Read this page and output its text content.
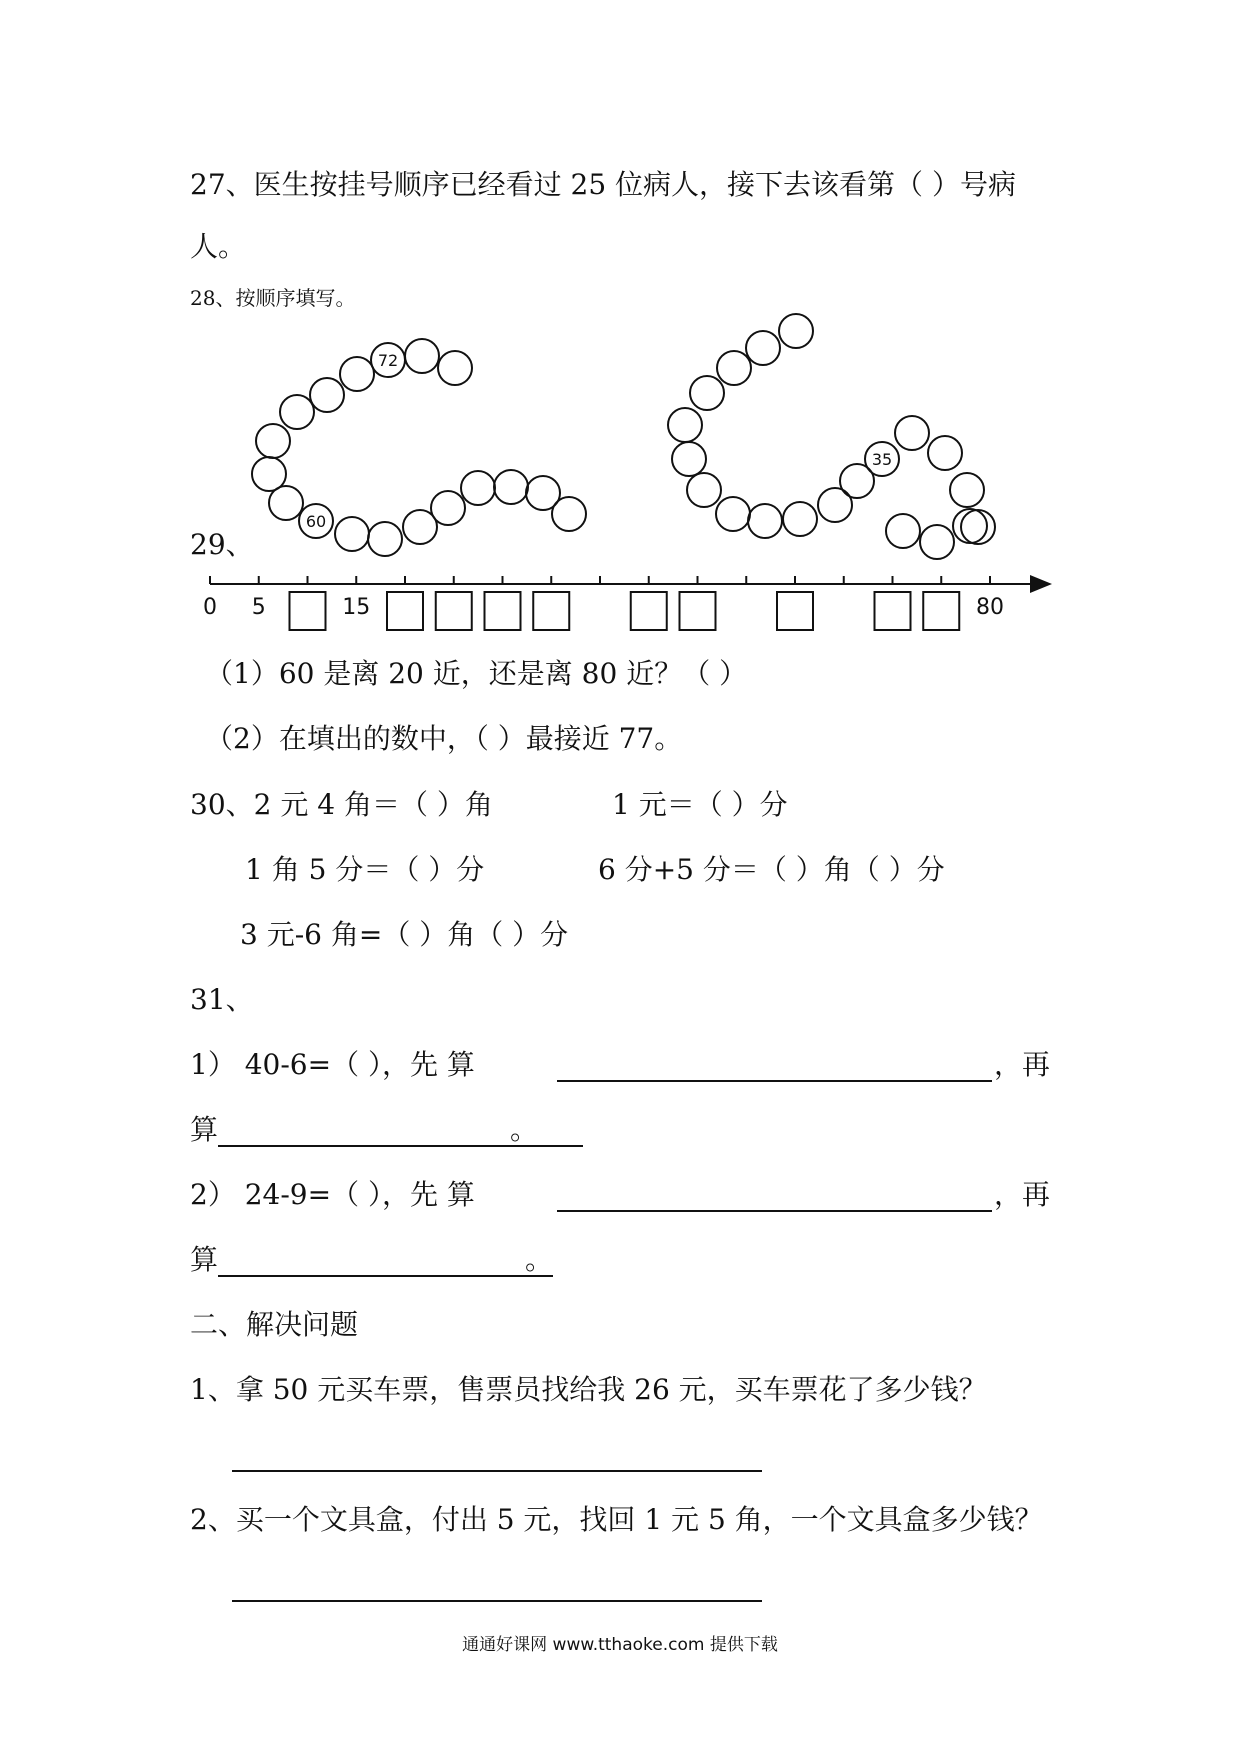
27、医生按挂号顺序已经看过 25 位病人，接下去该看第（ ）号病
人。
28、按顺序填写。
72
60
35
0 5	15	80
29、
（1）60 是离 20 近，还是离 80 近？（ ）
（2）在填出的数中，（ ）最接近 77。
30、2 元 4 角＝（ ）角	1 元＝（ ）分
1 角 5 分＝（ ）分	6 分+5 分＝（ ）角（ ）分
3 元-6 角=（ ）角（ ）分
31、
1） 40-6=（ ），先 算	，再
算	。
2） 24-9=（ ），先 算	，再
算	。
二、解决问题
1、拿 50 元买车票，售票员找给我 26 元，买车票花了多少钱？
2、买一个文具盒，付出 5 元，找回 1 元 5 角，一个文具盒多少钱？
通通好课网 www.tthaoke.com 提供下载
